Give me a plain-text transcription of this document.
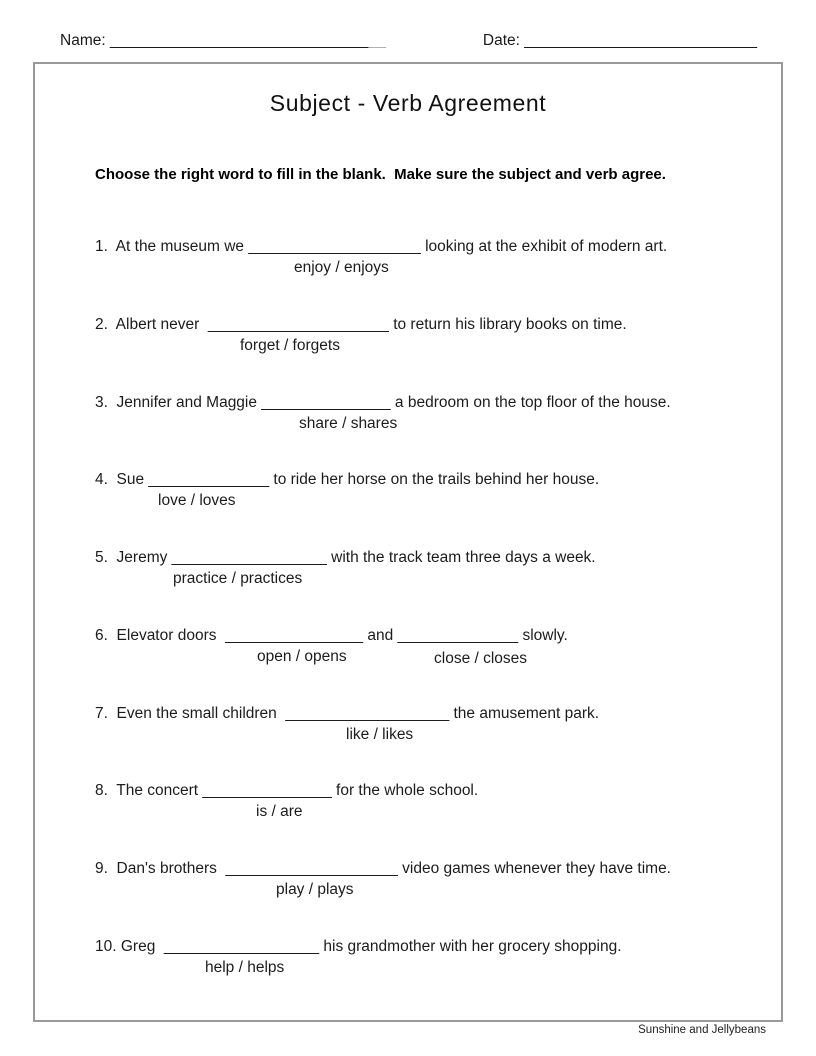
Name: ________________________________	Date: ___________________________
Subject - Verb Agreement
Choose the right word to fill in the blank.  Make sure the subject and verb agree.
1.  At the museum we ____________________ looking at the exhibit of modern art.
enjoy / enjoys
2.  Albert never  _____________________ to return his library books on time.
forget / forgets
3.  Jennifer and Maggie _______________ a bedroom on the top floor of the house.
share / shares
4.  Sue ______________ to ride her horse on the trails behind her house.
love / loves
5.  Jeremy __________________ with the track team three days a week.
practice / practices
6.  Elevator doors  ________________ and ______________ slowly.
open / opens	close / closes
7.  Even the small children  ___________________ the amusement park.
like / likes
8.  The concert _______________ for the whole school.
is / are
9.  Dan's brothers  ____________________ video games whenever they have time.
play / plays
10. Greg  __________________ his grandmother with her grocery shopping.
help / helps
Sunshine and Jellybeans
